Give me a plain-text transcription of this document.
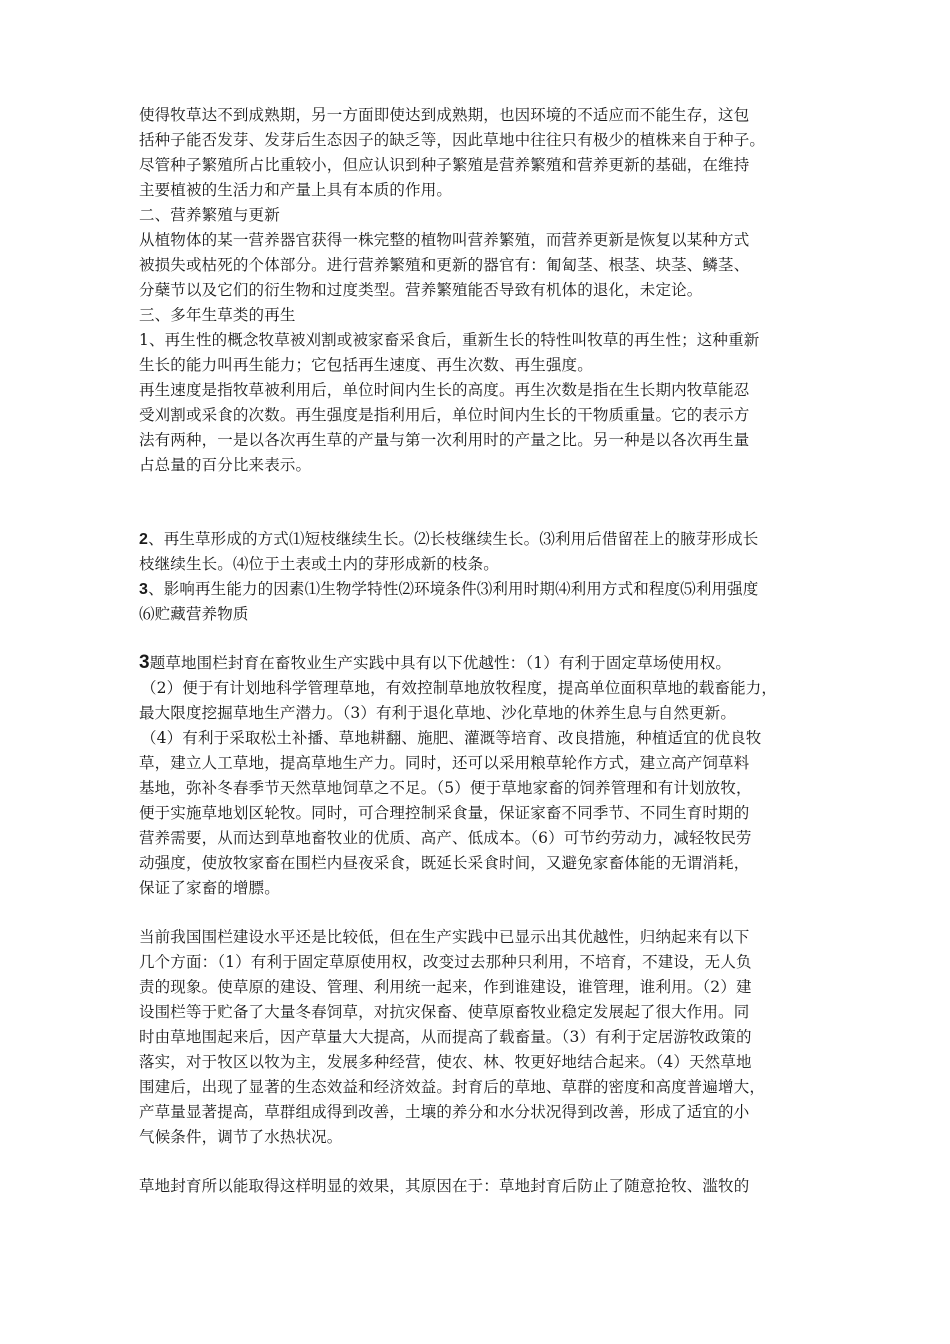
使得牧草达不到成熟期，另一方面即使达到成熟期，也因环境的不适应而不能生存，这包
括种子能否发芽、发芽后生态因子的缺乏等，因此草地中往往只有极少的植株来自于种子。
尽管种子繁殖所占比重较小，但应认识到种子繁殖是营养繁殖和营养更新的基础，在维持
主要植被的生活力和产量上具有本质的作用。
二、营养繁殖与更新
从植物体的某一营养器官获得一株完整的植物叫营养繁殖，而营养更新是恢复以某种方式
被损失或枯死的个体部分。进行营养繁殖和更新的器官有：匍匐茎、根茎、块茎、鳞茎、
分蘖节以及它们的衍生物和过度类型。营养繁殖能否导致有机体的退化，未定论。
三、多年生草类的再生
1、再生性的概念牧草被刈割或被家畜采食后，重新生长的特性叫牧草的再生性；这种重新
生长的能力叫再生能力；它包括再生速度、再生次数、再生强度。
再生速度是指牧草被利用后，单位时间内生长的高度。再生次数是指在生长期内牧草能忍
受刈割或采食的次数。再生强度是指利用后，单位时间内生长的干物质重量。它的表示方
法有两种，一是以各次再生草的产量与第一次利用时的产量之比。另一种是以各次再生量
占总量的百分比来表示。
2、再生草形成的方式⑴短枝继续生长。⑵长枝继续生长。⑶利用后借留茬上的腋芽形成长
枝继续生长。⑷位于土表或土内的芽形成新的枝条。
3、影响再生能力的因素⑴生物学特性⑵环境条件⑶利用时期⑷利用方式和程度⑸利用强度
⑹贮藏营养物质
3题草地围栏封育在畜牧业生产实践中具有以下优越性：（1）有利于固定草场使用权。
（2）便于有计划地科学管理草地，有效控制草地放牧程度，提高单位面积草地的载畜能力，
最大限度挖掘草地生产潜力。（3）有利于退化草地、沙化草地的休养生息与自然更新。
（4）有利于采取松土补播、草地耕翻、施肥、灌溉等培育、改良措施，种植适宜的优良牧
草，建立人工草地，提高草地生产力。同时，还可以采用粮草轮作方式，建立高产饲草料
基地，弥补冬春季节天然草地饲草之不足。（5）便于草地家畜的饲养管理和有计划放牧，
便于实施草地划区轮牧。同时，可合理控制采食量，保证家畜不同季节、不同生育时期的
营养需要，从而达到草地畜牧业的优质、高产、低成本。（6）可节约劳动力，减轻牧民劳
动强度，使放牧家畜在围栏内昼夜采食，既延长采食时间，又避免家畜体能的无谓消耗，
保证了家畜的增膘。
当前我国围栏建设水平还是比较低，但在生产实践中已显示出其优越性，归纳起来有以下
几个方面：（1）有利于固定草原使用权，改变过去那种只利用，不培育，不建设，无人负
责的现象。使草原的建设、管理、利用统一起来，作到谁建设，谁管理，谁利用。（2）建
设围栏等于贮备了大量冬春饲草，对抗灾保畜、使草原畜牧业稳定发展起了很大作用。同
时由草地围起来后，因产草量大大提高，从而提高了载畜量。（3）有利于定居游牧政策的
落实，对于牧区以牧为主，发展多种经营，使农、林、牧更好地结合起来。（4）天然草地
围建后，出现了显著的生态效益和经济效益。封育后的草地、草群的密度和高度普遍增大，
产草量显著提高，草群组成得到改善，土壤的养分和水分状况得到改善，形成了适宜的小
气候条件，调节了水热状况。
草地封育所以能取得这样明显的效果，其原因在于：草地封育后防止了随意抢牧、滥牧的
